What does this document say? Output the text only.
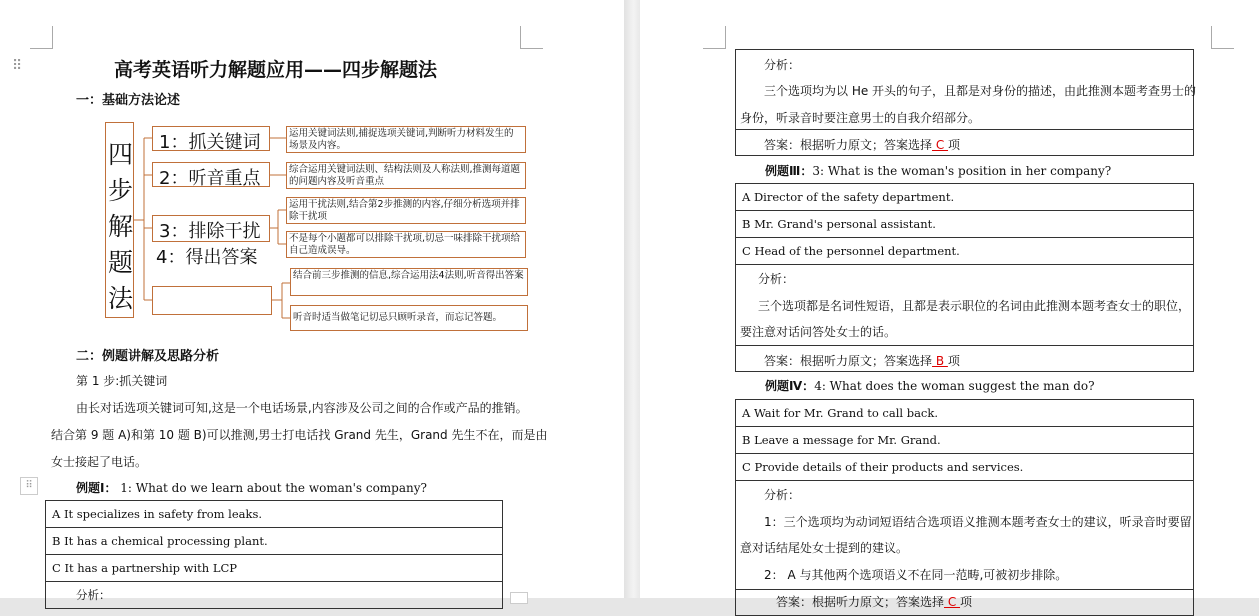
⠿	高考英语听力解题应用——四步解题法
一：基础方法论述
四步解题法
1：抓关键词
2：听音重点
3：排除干扰
4：得出答案
运用关键词法则,捕捉选项关键词,判断听力材料发生的场景及内容。
综合运用关键词法则、结构法则及人称法则,推测每道题的问题内容及听音重点
运用干扰法则,结合第2步推测的内容,仔细分析选项并排除干扰项
不是每个小题都可以排除干扰项,切忌一味排除干扰项给自己造成误导。
结合前三步推测的信息,综合运用法4法则,听音得出答案
听音时适当做笔记切忌只顾听录音，而忘记答题。
二：例题讲解及思路分析
第 1 步:抓关键词
由长对话选项关键词可知,这是一个电话场景,内容涉及公司之间的合作或产品的推销。
结合第 9 题 A)和第 10 题 B)可以推测,男士打电话找 Grand 先生，Grand 先生不在，而是由
女士接起了电话。
⠿	例题Ⅰ： 1: What do we learn about the woman's company?
A It specializes in safety from leaks.
B It has a chemical processing plant.
C It has a partnership with LCP
分析：
分析：
三个选项均为以 He 开头的句子，且都是对身份的描述，由此推测本题考查男士的
身份，听录音时要注意男士的自我介绍部分。
答案：根据听力原文；答案选择 C 项
例题Ⅲ：3: What is the woman's position in her company?
A Director of the safety department.
B Mr. Grand's personal assistant.
C Head of the personnel department.
分析：
三个选项都是名词性短语，且都是表示职位的名词由此推测本题考查女士的职位，
要注意对话问答处女士的话。
答案：根据听力原文；答案选择 B 项
例题Ⅳ：4: What does the woman suggest the man do?
A Wait for Mr. Grand to call back.
B Leave a message for Mr. Grand.
C Provide details of their products and services.
分析：
1：三个选项均为动词短语结合选项语义推测本题考查女士的建议，听录音时要留
意对话结尾处女士提到的建议。
2： A 与其他两个选项语义不在同一范畴,可被初步排除。
答案：根据听力原文；答案选择 C 项
